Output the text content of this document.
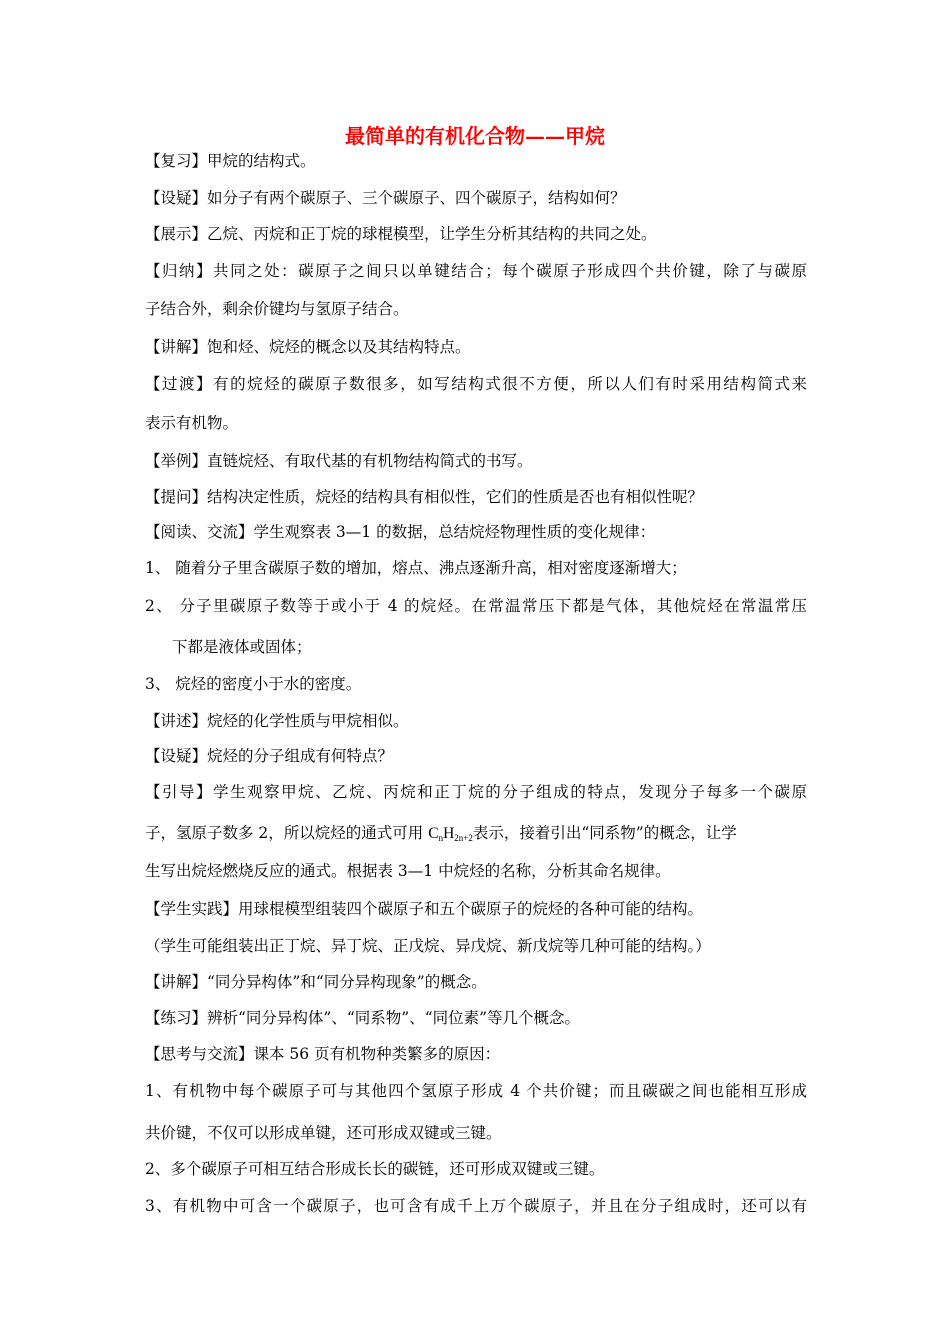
最简单的有机化合物——甲烷
【复习】甲烷的结构式。
【设疑】如分子有两个碳原子、三个碳原子、四个碳原子，结构如何？
【展示】乙烷、丙烷和正丁烷的球棍模型，让学生分析其结构的共同之处。
【归纳】共同之处：碳原子之间只以单键结合；每个碳原子形成四个共价键，除了与碳原
子结合外，剩余价键均与氢原子结合。
【讲解】饱和烃、烷烃的概念以及其结构特点。
【过渡】有的烷烃的碳原子数很多，如写结构式很不方便，所以人们有时采用结构简式来
表示有机物。
【举例】直链烷烃、有取代基的有机物结构简式的书写。
【提问】结构决定性质，烷烃的结构具有相似性，它们的性质是否也有相似性呢？
【阅读、交流】学生观察表 3—1 的数据，总结烷烃物理性质的变化规律：
1、 随着分子里含碳原子数的增加，熔点、沸点逐渐升高，相对密度逐渐增大；
2、 分子里碳原子数等于或小于 4 的烷烃。在常温常压下都是气体，其他烷烃在常温常压
下都是液体或固体；
3、 烷烃的密度小于水的密度。
【讲述】烷烃的化学性质与甲烷相似。
【设疑】烷烃的分子组成有何特点？
【引导】学生观察甲烷、乙烷、丙烷和正丁烷的分子组成的特点，发现分子每多一个碳原
子，氢原子数多 2，所以烷烃的通式可用 $C_nH_{2n+2}$表示，接着引出“同系物”的概念，让学
生写出烷烃燃烧反应的通式。根据表 3—1 中烷烃的名称，分析其命名规律。
【学生实践】用球棍模型组装四个碳原子和五个碳原子的烷烃的各种可能的结构。
（学生可能组装出正丁烷、异丁烷、正戊烷、异戊烷、新戊烷等几种可能的结构。）
【讲解】“同分异构体”和“同分异构现象”的概念。
【练习】辨析“同分异构体”、“同系物”、“同位素”等几个概念。
【思考与交流】课本 56 页有机物种类繁多的原因：
1、有机物中每个碳原子可与其他四个氢原子形成 4 个共价键；而且碳碳之间也能相互形成
共价键，不仅可以形成单键，还可形成双键或三键。
2、多个碳原子可相互结合形成长长的碳链，还可形成双键或三键。
3、有机物中可含一个碳原子，也可含有成千上万个碳原子，并且在分子组成时，还可以有
